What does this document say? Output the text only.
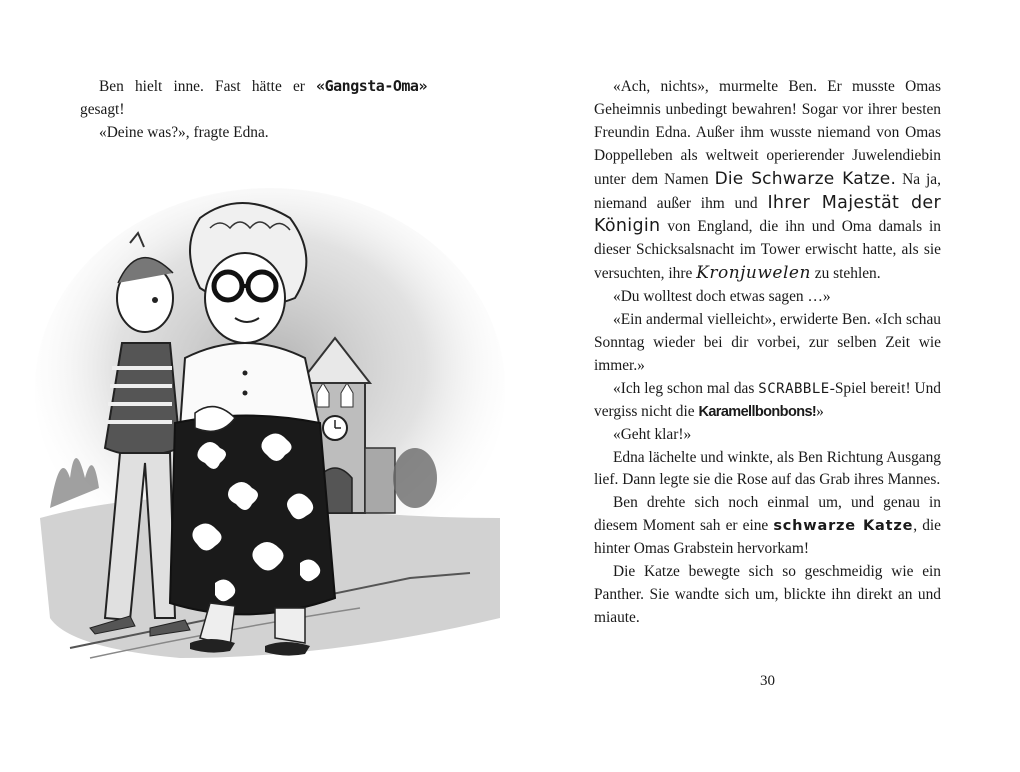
Ben hielt inne. Fast hätte er «Gangsta-Oma» gesagt!

«Deine was?», fragte Edna.

«Ach, nichts», murmelte Ben. Er musste Omas Geheimnis unbedingt bewahren! Sogar vor ihrer besten Freundin Edna. Außer ihm wusste niemand von Omas Doppelleben als weltweit operierender Juwelendiebin unter dem Namen Die Schwarze Katze. Na ja, niemand außer ihm und Ihrer Majestät der Königin von England, die ihn und Oma damals in dieser Schicksalsnacht im Tower erwischt hatte, als sie versuchten, ihre Kronjuwelen zu stehlen.

«Du wolltest doch etwas sagen …»

«Ein andermal vielleicht», erwiderte Ben. «Ich schau Sonntag wieder bei dir vorbei, zur selben Zeit wie immer.»

«Ich leg schon mal das SCRABBLE-Spiel bereit! Und vergiss nicht die Karamellbonbons!»

«Geht klar!»

Edna lächelte und winkte, als Ben Richtung Ausgang lief. Dann legte sie die Rose auf das Grab ihres Mannes.

Ben drehte sich noch einmal um, und genau in diesem Moment sah er eine schwarze Katze, die hinter Omas Grabstein hervorkam!

Die Katze bewegte sich so geschmeidig wie ein Panther. Sie wandte sich um, blickte ihn direkt an und miaute.

30
